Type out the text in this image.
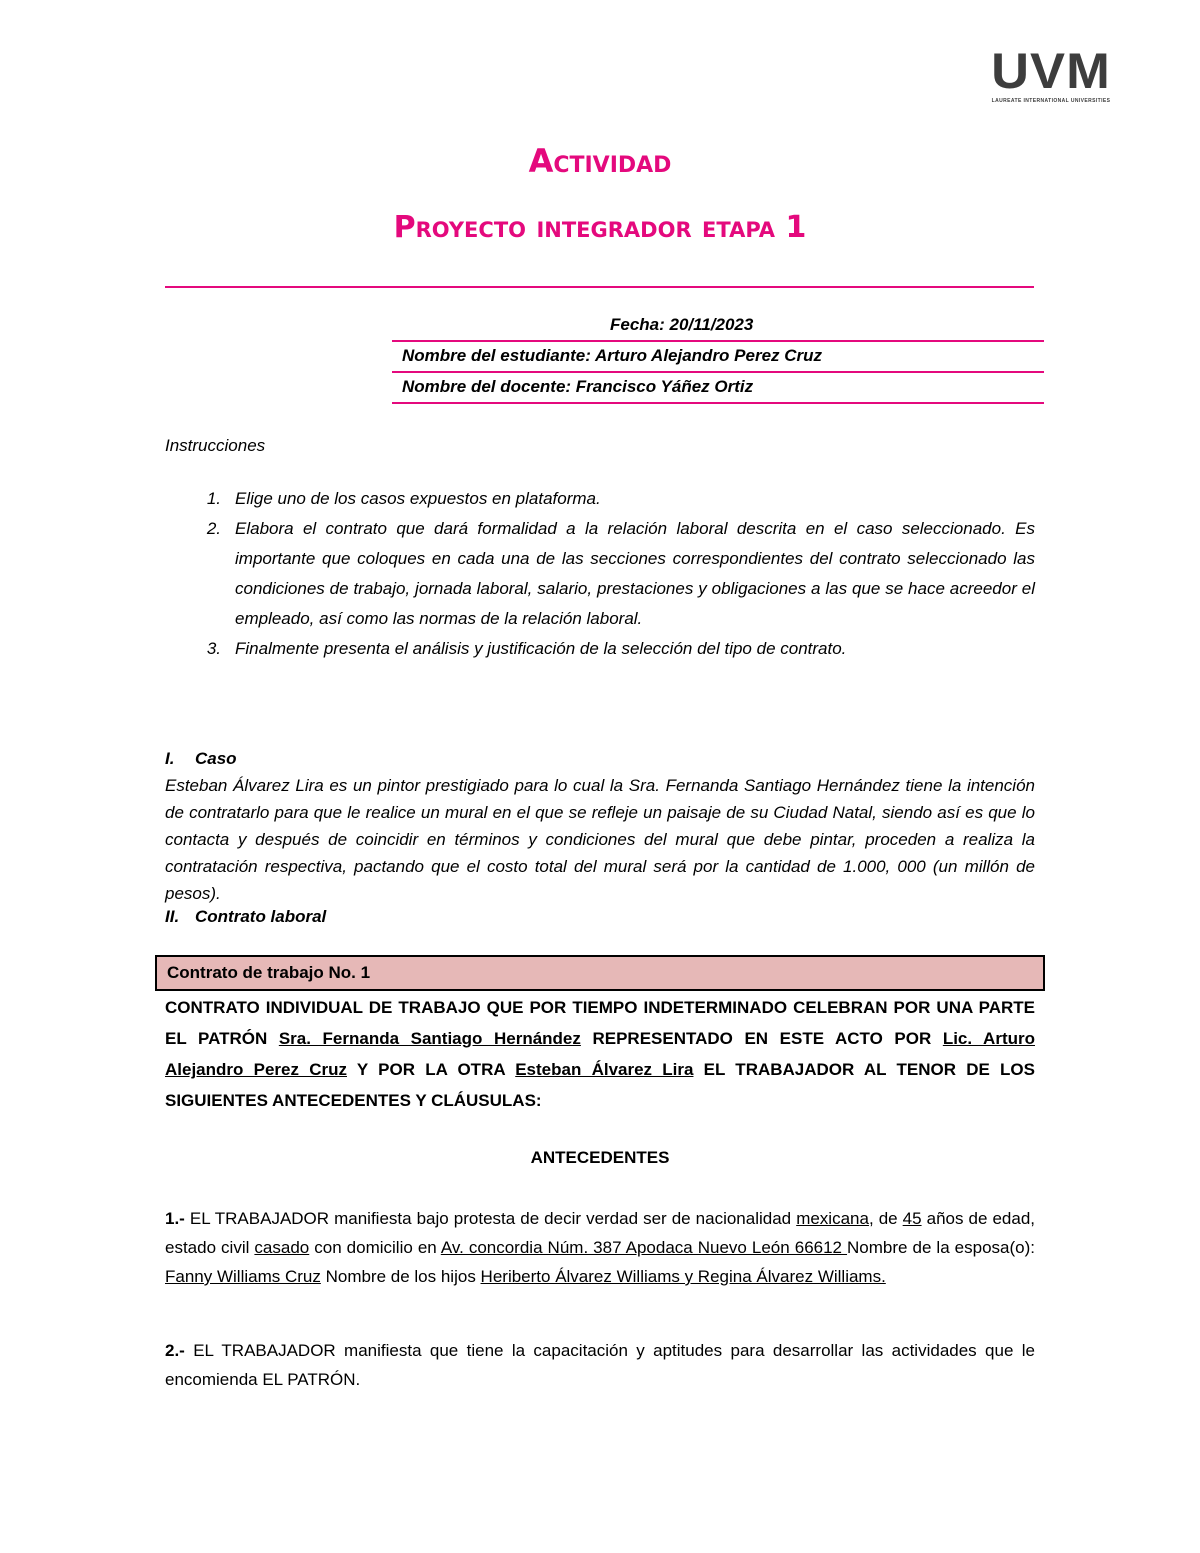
UVM
LAUREATE INTERNATIONAL UNIVERSITIES
Actividad
Proyecto integrador etapa 1
Fecha: 20/11/2023
Nombre del estudiante: Arturo Alejandro Perez Cruz
Nombre del docente: Francisco Yáñez Ortiz
Instrucciones
1. Elige uno de los casos expuestos en plataforma.
2. Elabora el contrato que dará formalidad a la relación laboral descrita en el caso seleccionado. Es importante que coloques en cada una de las secciones correspondientes del contrato seleccionado las condiciones de trabajo, jornada laboral, salario, prestaciones y obligaciones a las que se hace acreedor el empleado, así como las normas de la relación laboral.
3. Finalmente presenta el análisis y justificación de la selección del tipo de contrato.
I. Caso
Esteban Álvarez Lira es un pintor prestigiado para lo cual la Sra. Fernanda Santiago Hernández tiene la intención de contratarlo para que le realice un mural en el que se refleje un paisaje de su Ciudad Natal, siendo así es que lo contacta y después de coincidir en términos y condiciones del mural que debe pintar, proceden a realiza la contratación respectiva, pactando que el costo total del mural será por la cantidad de 1.000, 000 (un millón de pesos).
II. Contrato laboral
Contrato de trabajo No. 1
CONTRATO INDIVIDUAL DE TRABAJO QUE POR TIEMPO INDETERMINADO CELEBRAN POR UNA PARTE EL PATRÓN Sra. Fernanda Santiago Hernández REPRESENTADO EN ESTE ACTO POR Lic. Arturo Alejandro Perez Cruz Y POR LA OTRA Esteban Álvarez Lira EL TRABAJADOR AL TENOR DE LOS SIGUIENTES ANTECEDENTES Y CLÁUSULAS:
ANTECEDENTES
1.- EL TRABAJADOR manifiesta bajo protesta de decir verdad ser de nacionalidad mexicana, de 45 años de edad, estado civil casado con domicilio en Av. concordia Núm. 387 Apodaca Nuevo León 66612 Nombre de la esposa(o): Fanny Williams Cruz Nombre de los hijos Heriberto Álvarez Williams y Regina Álvarez Williams.
2.- EL TRABAJADOR manifiesta que tiene la capacitación y aptitudes para desarrollar las actividades que le encomienda EL PATRÓN.
